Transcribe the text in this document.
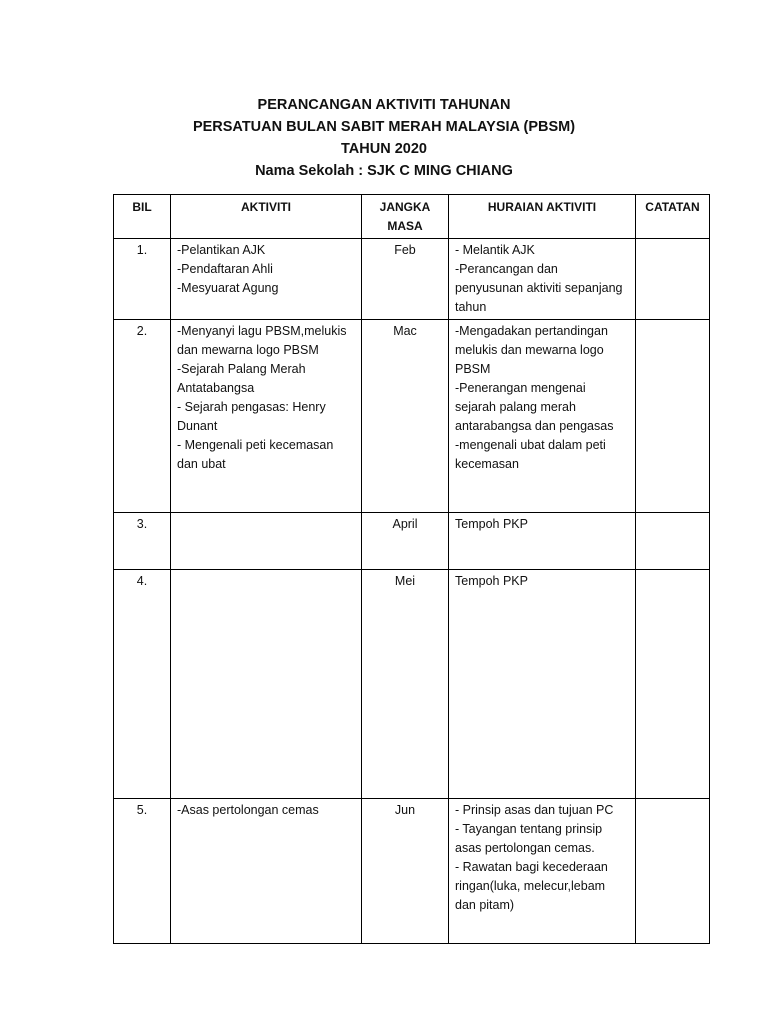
PERANCANGAN AKTIVITI TAHUNAN
PERSATUAN BULAN SABIT MERAH MALAYSIA (PBSM)
TAHUN 2020
Nama Sekolah : SJK C MING CHIANG
BIL	AKTIVITI	JANGKA MASA	HURAIAN AKTIVITI	CATATAN
1.	-Pelantikan AJK
-Pendaftaran Ahli
-Mesyuarat Agung	Feb	- Melantik AJK
-Perancangan dan penyusunan aktiviti sepanjang tahun	

2.	-Menyanyi lagu PBSM,melukis dan mewarna logo PBSM
-Sejarah Palang Merah Antatabangsa
- Sejarah pengasas: Henry Dunant
- Mengenali peti kecemasan dan ubat	Mac	-Mengadakan pertandingan melukis dan mewarna logo PBSM
-Penerangan mengenai sejarah palang merah antarabangsa dan pengasas
-mengenali ubat dalam peti kecemasan	

3.		April	Tempoh PKP	

4.		Mei	Tempoh PKP	

5.	-Asas pertolongan cemas	Jun	- Prinsip asas dan tujuan PC
- Tayangan tentang prinsip asas pertolongan cemas.
- Rawatan bagi kecederaan ringan(luka, melecur,lebam dan pitam)	
